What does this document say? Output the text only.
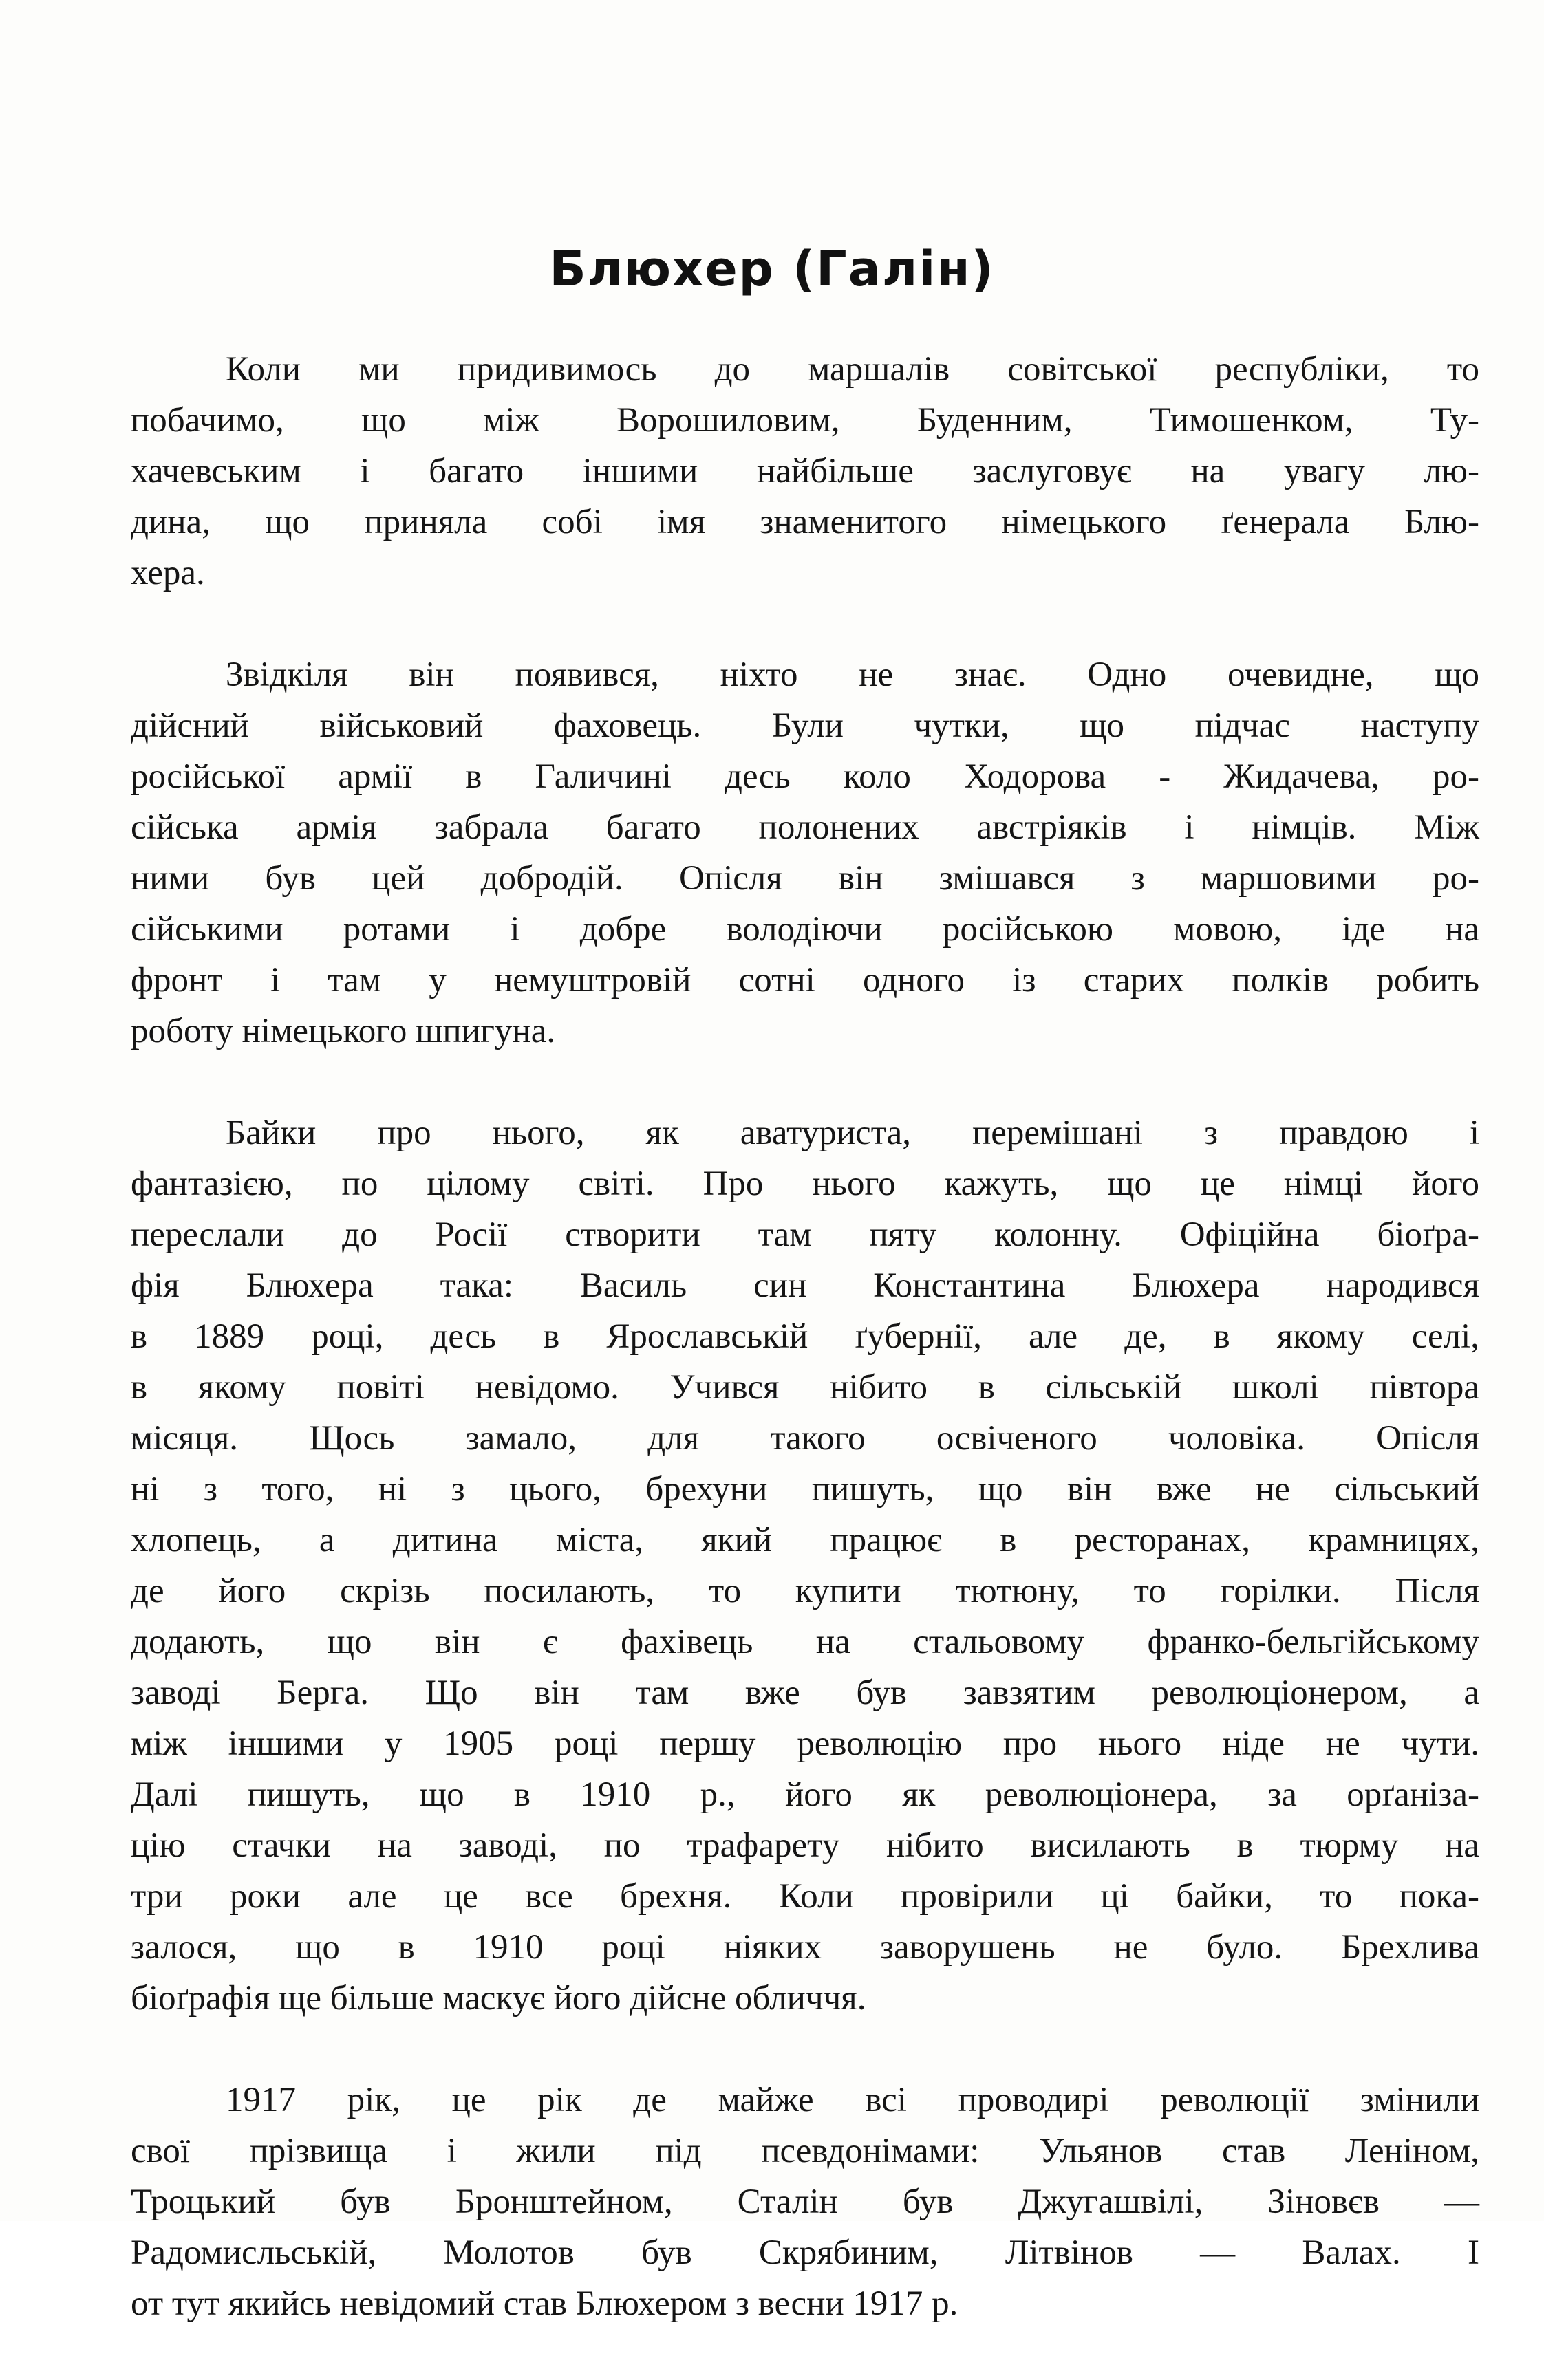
Блюхер (Галін)
Коли ми придивимось до маршалів совітської республіки, то
побачимо, що між Ворошиловим, Буденним, Тимошенком, Ту-
хачевським і багато іншими найбільше заслуговує на увагу лю-
дина, що приняла собі імя знаменитого німецького ґенерала Блю-
хера.
Звідкіля він появився, ніхто не знає. Одно очевидне, що
дійсний військовий фаховець. Були чутки, що підчас наступу
російської армії в Галичині десь коло Ходорова - Жидачева, ро-
сійська армія забрала багато полонених австріяків і німців. Між
ними був цей добродій. Опісля він змішався з маршовими ро-
сійськими ротами і добре володіючи російською мовою, іде на
фронт і там у немуштровій сотні одного із старих полків робить
роботу німецького шпигуна.
Байки про нього, як аватуриста, перемішані з правдою і
фантазією, по цілому світі. Про нього кажуть, що це німці його
переслали до Росії створити там пяту колонну. Офіційна біоґра-
фія Блюхера така: Василь син Константина Блюхера народився
в 1889 році, десь в Ярославській ґубернії, але де, в якому селі,
в якому повіті невідомо. Учився нібито в сільській школі півтора
місяця. Щось замало, для такого освіченого чоловіка. Опісля
ні з того, ні з цього, брехуни пишуть, що він вже не сільський
хлопець, а дитина міста, який працює в ресторанах, крамницях,
де його скрізь посилають, то купити тютюну, то горілки. Після
додають, що він є фахівець на стальовому франко-бельгійському
заводі Берга. Що він там вже був завзятим революціонером, а
між іншими у 1905 році першу революцію про нього ніде не чути.
Далі пишуть, що в 1910 р., його як революціонера, за орґаніза-
цію стачки на заводі, по трафарету нібито висилають в тюрму на
три роки але це все брехня. Коли провірили ці байки, то пока-
залося, що в 1910 році ніяких заворушень не було. Брехлива
біоґрафія ще більше маскує його дійсне обличчя.
1917 рік, це рік де майже всі проводирі революції змінили
свої прізвища і жили під псевдонімами: Ульянов став Леніном,
Троцький був Бронштейном, Сталін був Джугашвілі, Зіновєв —
Радомисльській, Молотов був Скрябиним, Літвінов — Валах. І
от тут якийсь невідомий став Блюхером з весни 1917 р.
